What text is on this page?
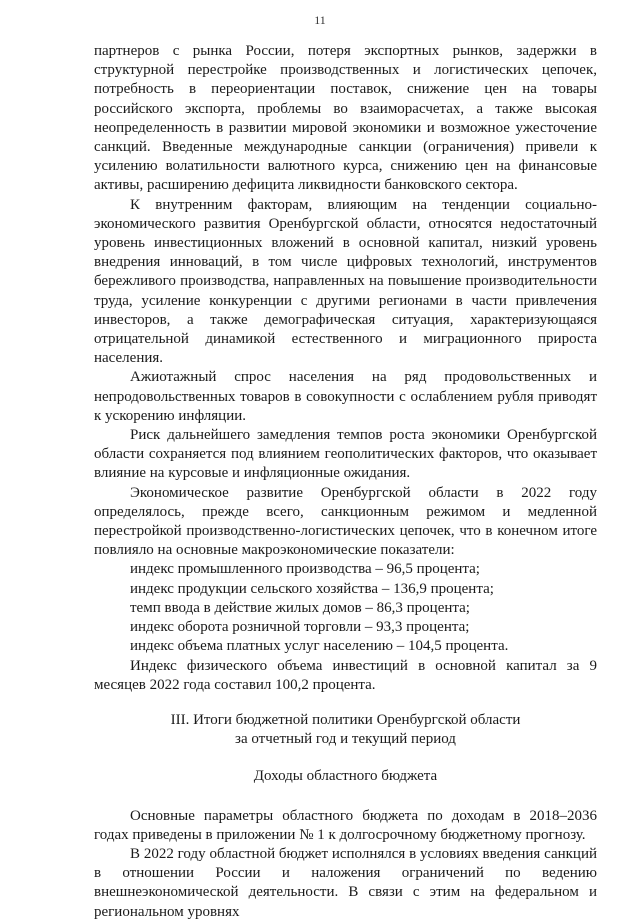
11

партнеров с рынка России, потеря экспортных рынков, задержки в структурной перестройке производственных и логистических цепочек, потребность в переориентации поставок, снижение цен на товары российского экспорта, проблемы во взаиморасчетах, а также высокая неопределенность в развитии мировой экономики и возможное ужесточение санкций. Введенные международные санкции (ограничения) привели к усилению волатильности валютного курса, снижению цен на финансовые активы, расширению дефицита ликвидности банковского сектора.

К внутренним факторам, влияющим на тенденции социально-экономического развития Оренбургской области, относятся недостаточный уровень инвестиционных вложений в основной капитал, низкий уровень внедрения инноваций, в том числе цифровых технологий, инструментов бережливого производства, направленных на повышение производительности труда, усиление конкуренции с другими регионами в части привлечения инвесторов, а также демографическая ситуация, характеризующаяся отрицательной динамикой естественного и миграционного прироста населения.

Ажиотажный спрос населения на ряд продовольственных и непродовольственных товаров в совокупности с ослаблением рубля приводят к ускорению инфляции.

Риск дальнейшего замедления темпов роста экономики Оренбургской области сохраняется под влиянием геополитических факторов, что оказывает влияние на курсовые и инфляционные ожидания.

Экономическое развитие Оренбургской области в 2022 году определялось, прежде всего, санкционным режимом и медленной перестройкой производственно-логистических цепочек, что в конечном итоге повлияло на основные макроэкономические показатели:

индекс промышленного производства – 96,5 процента;
индекс продукции сельского хозяйства – 136,9 процента;
темп ввода в действие жилых домов – 86,3 процента;
индекс оборота розничной торговли – 93,3 процента;
индекс объема платных услуг населению – 104,5 процента.

Индекс физического объема инвестиций в основной капитал за 9 месяцев 2022 года составил 100,2 процента.

III. Итоги бюджетной политики Оренбургской области
за отчетный год и текущий период
Доходы областного бюджета

Основные параметры областного бюджета по доходам в 2018–2036 годах приведены в приложении № 1 к долгосрочному бюджетному прогнозу.

В 2022 году областной бюджет исполнялся в условиях введения санкций в отношении России и наложения ограничений по ведению внешнеэкономической деятельности. В связи с этим на федеральном и региональном уровнях
